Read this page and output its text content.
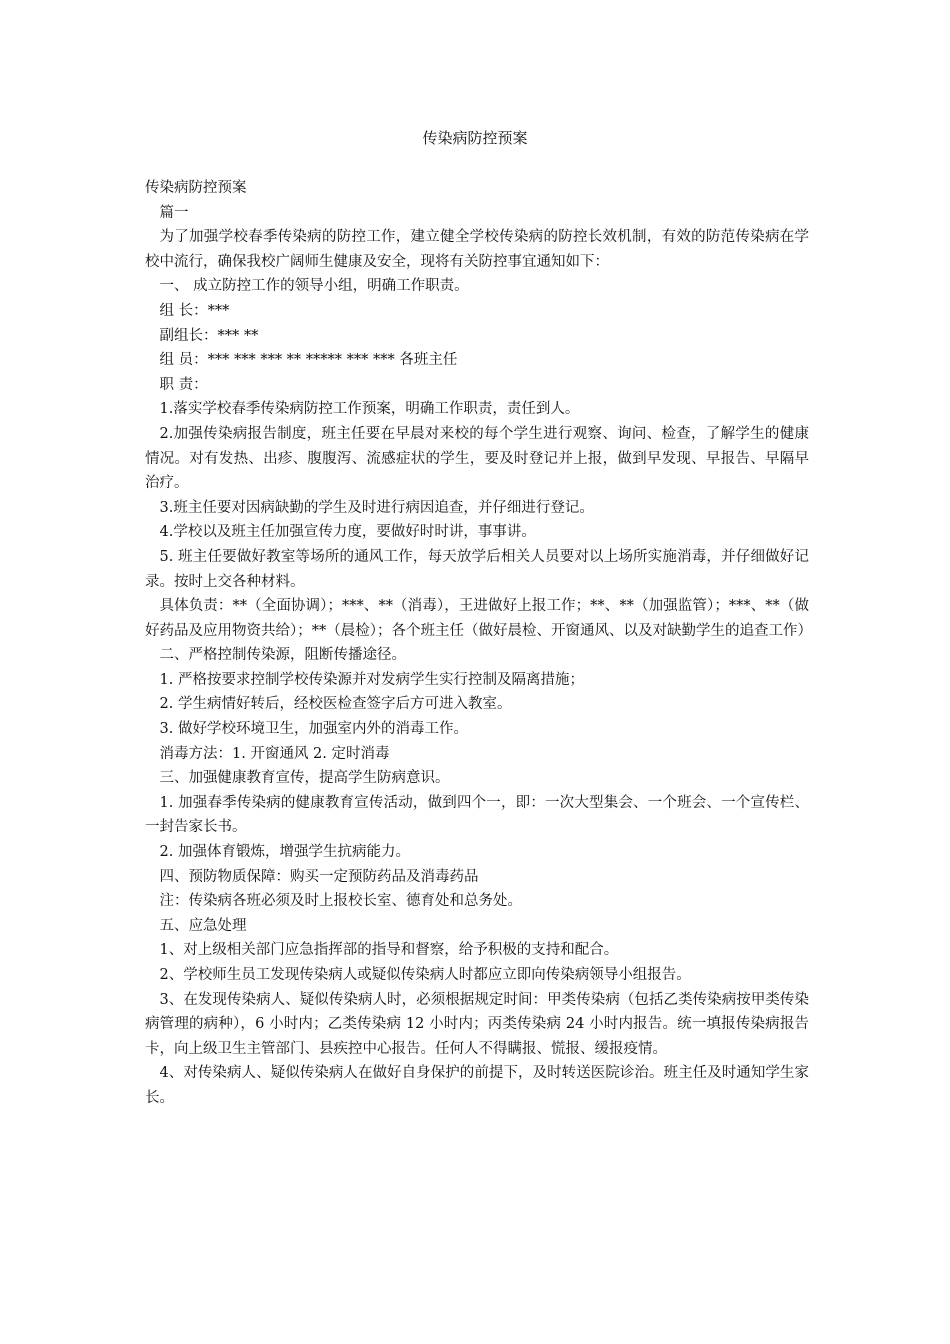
传染病防控预案

传染病防控预案

篇一

为了加强学校春季传染病的防控工作，建立健全学校传染病的防控长效机制，有效的防范传染病在学校中流行，确保我校广阔师生健康及安全，现将有关防控事宜通知如下：

一、 成立防控工作的领导小组，明确工作职责。

组 长：***

副组长：*** **

组 员：*** *** *** ** ***** *** *** 各班主任

职 责：

1.落实学校春季传染病防控工作预案，明确工作职责，责任到人。

2.加强传染病报告制度，班主任要在早晨对来校的每个学生进行观察、询问、检查，了解学生的健康情况。对有发热、出疹、腹腹泻、流感症状的学生，要及时登记并上报，做到早发现、早报告、早隔早治疗。

3.班主任要对因病缺勤的学生及时进行病因追查，并仔细进行登记。

4.学校以及班主任加强宣传力度，要做好时时讲，事事讲。

5. 班主任要做好教室等场所的通风工作，每天放学后相关人员要对以上场所实施消毒，并仔细做好记录。按时上交各种材料。

具体负责：**（全面协调）；***、**（消毒），王进做好上报工作；**、**（加强监管）；***、**（做好药品及应用物资共给）；**（晨检）；各个班主任（做好晨检、开窗通风、以及对缺勤学生的追查工作）

二、严格控制传染源，阻断传播途径。

1. 严格按要求控制学校传染源并对发病学生实行控制及隔离措施；

2. 学生病情好转后，经校医检查签字后方可进入教室。

3. 做好学校环境卫生，加强室内外的消毒工作。

消毒方法：1. 开窗通风 2. 定时消毒

三、加强健康教育宣传，提高学生防病意识。

1. 加强春季传染病的健康教育宣传活动，做到四个一，即：一次大型集会、一个班会、一个宣传栏、一封告家长书。

2. 加强体育锻炼，增强学生抗病能力。

四、预防物质保障：购买一定预防药品及消毒药品

注：传染病各班必须及时上报校长室、德育处和总务处。

五、应急处理

1、对上级相关部门应急指挥部的指导和督察，给予积极的支持和配合。

2、学校师生员工发现传染病人或疑似传染病人时都应立即向传染病领导小组报告。

3、在发现传染病人、疑似传染病人时，必须根据规定时间：甲类传染病（包括乙类传染病按甲类传染病管理的病种），6 小时内；乙类传染病 12 小时内；丙类传染病 24 小时内报告。统一填报传染病报告卡，向上级卫生主管部门、县疾控中心报告。任何人不得瞒报、慌报、缓报疫情。

4、对传染病人、疑似传染病人在做好自身保护的前提下，及时转送医院诊治。班主任及时通知学生家长。
